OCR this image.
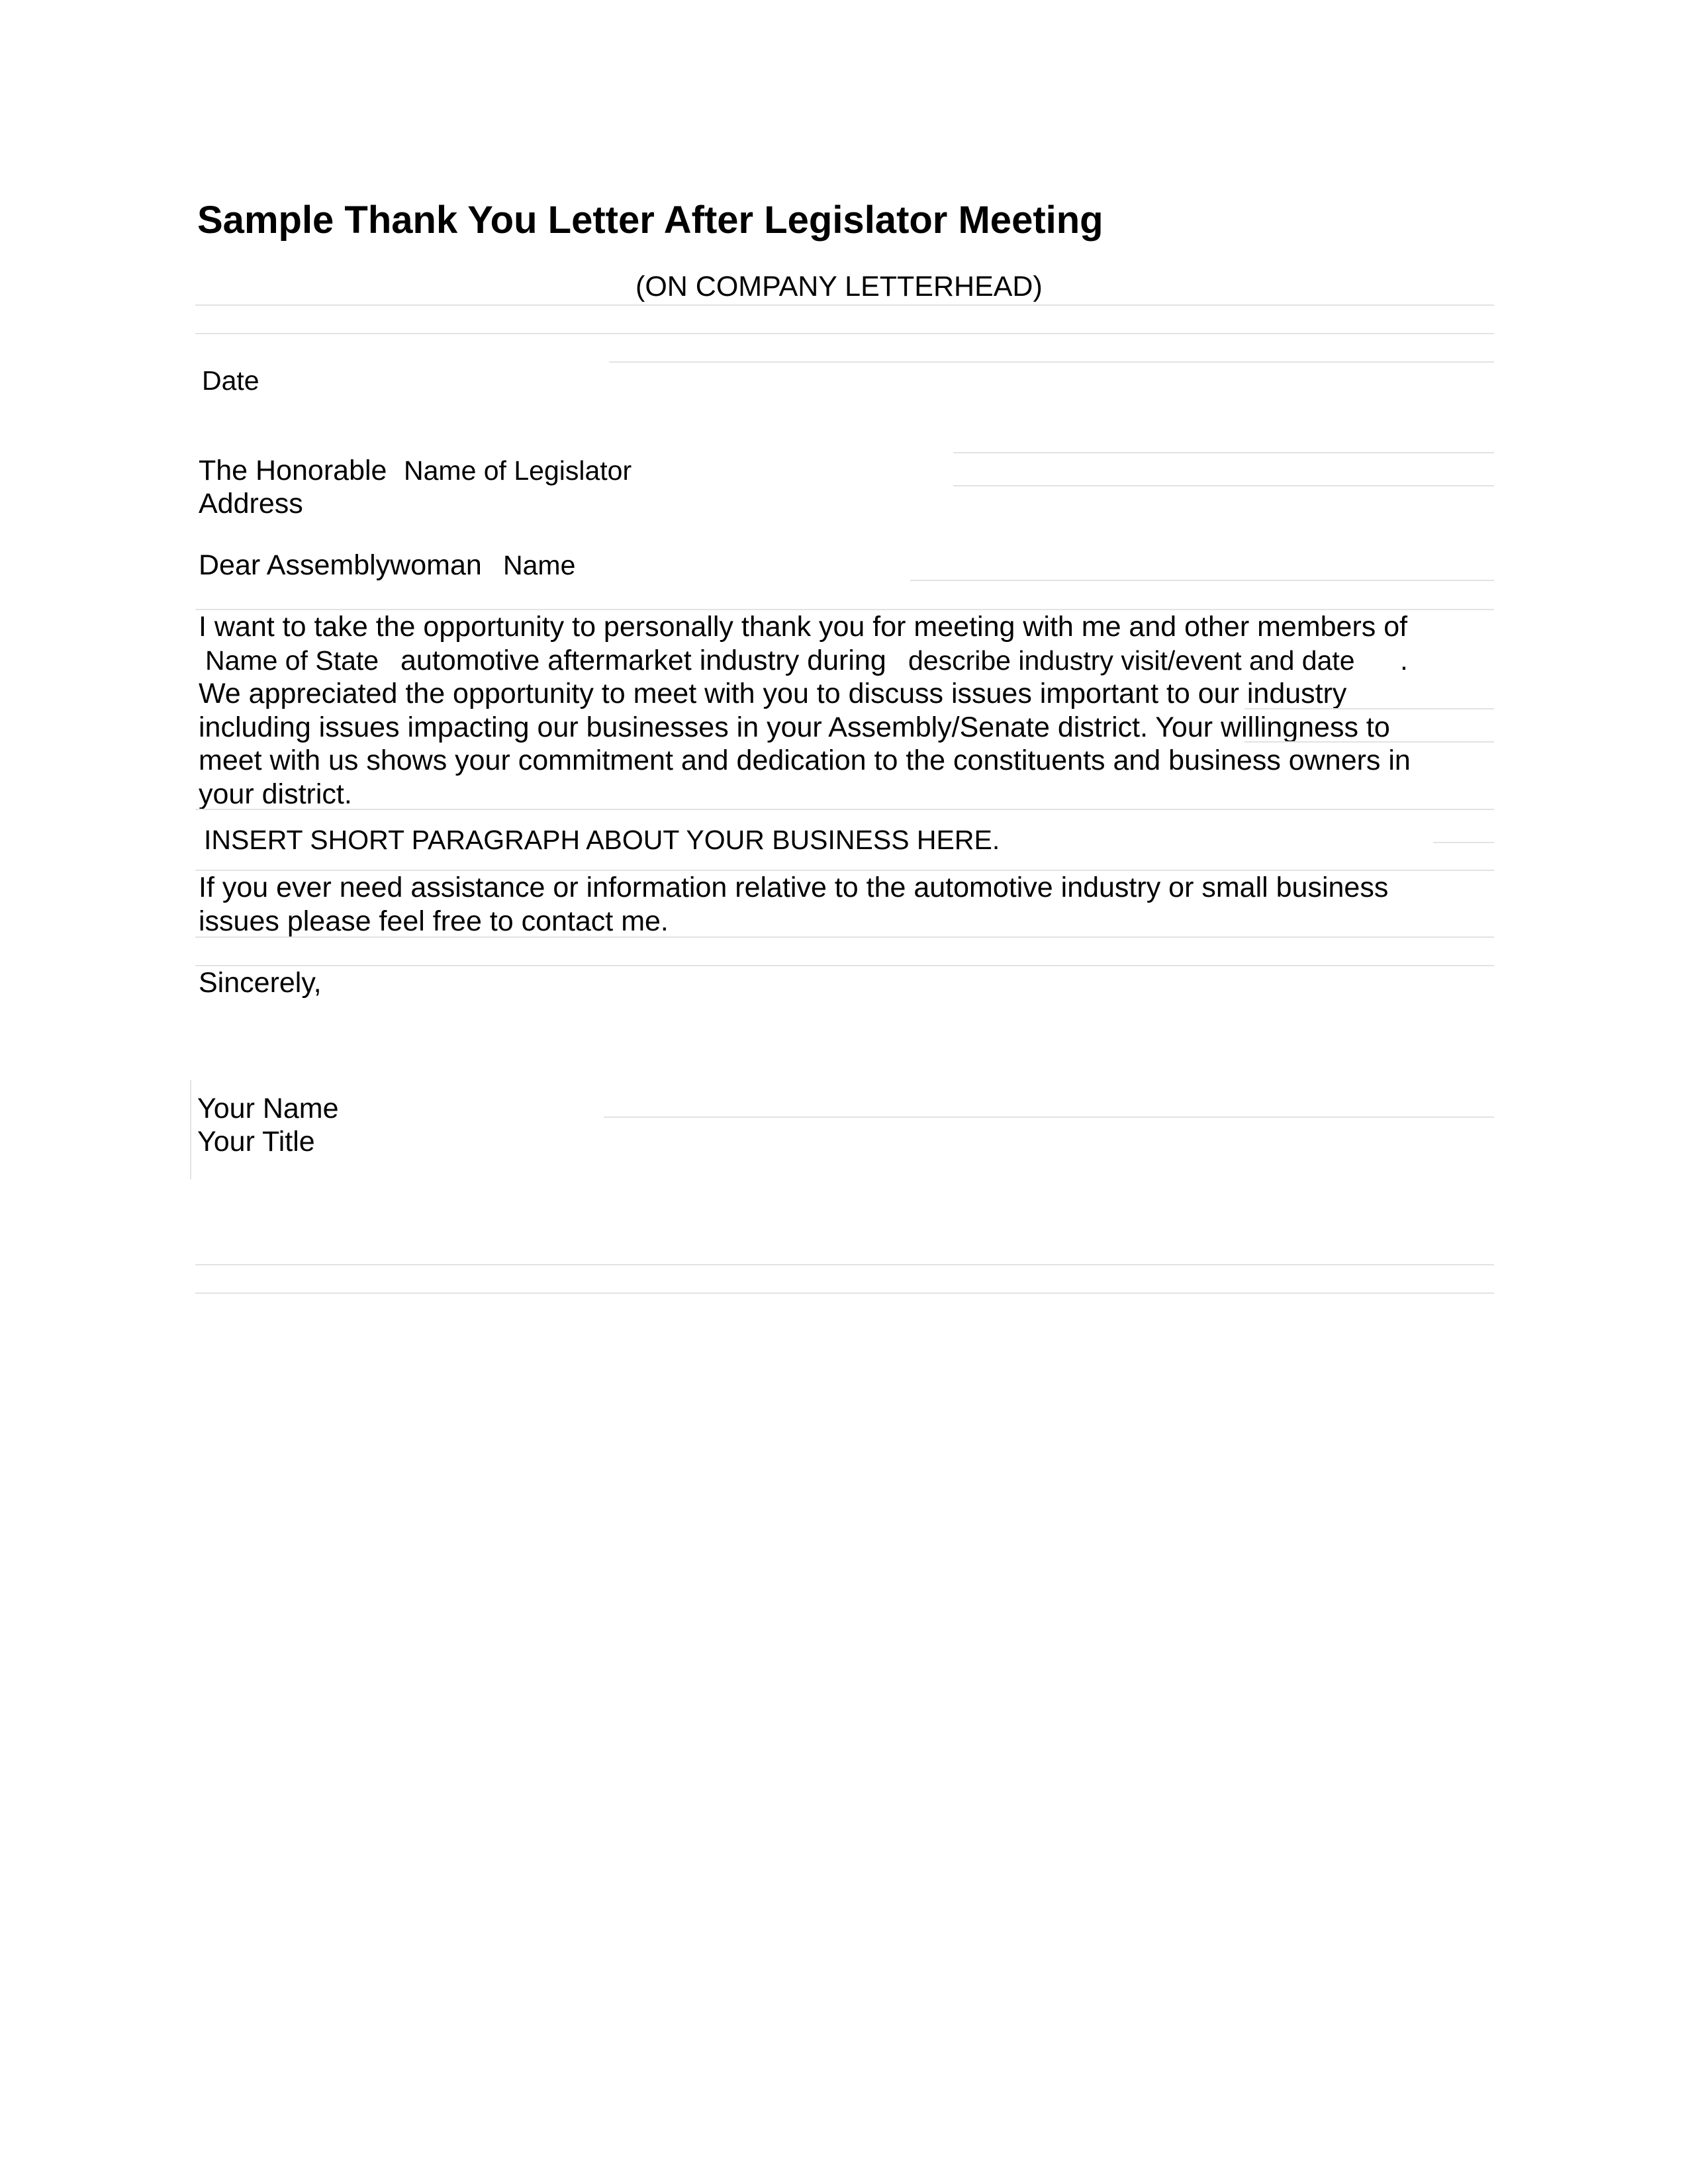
Sample Thank You Letter After Legislator Meeting
(ON COMPANY LETTERHEAD)
Date
The Honorable Name of Legislator
Address
Dear Assemblywoman Name
I want to take the opportunity to personally thank you for meeting with me and other members of
Name of State automotive aftermarket industry during describe industry visit/event and date .

We appreciated the opportunity to meet with you to discuss issues important to our industry
including issues impacting our businesses in your Assembly/Senate district. Your willingness to
meet with us shows your commitment and dedication to the constituents and business owners in
your district.
INSERT SHORT PARAGRAPH ABOUT YOUR BUSINESS HERE.
If you ever need assistance or information relative to the automotive industry or small business
issues please feel free to contact me.
Sincerely,
Your Name
Your Title
